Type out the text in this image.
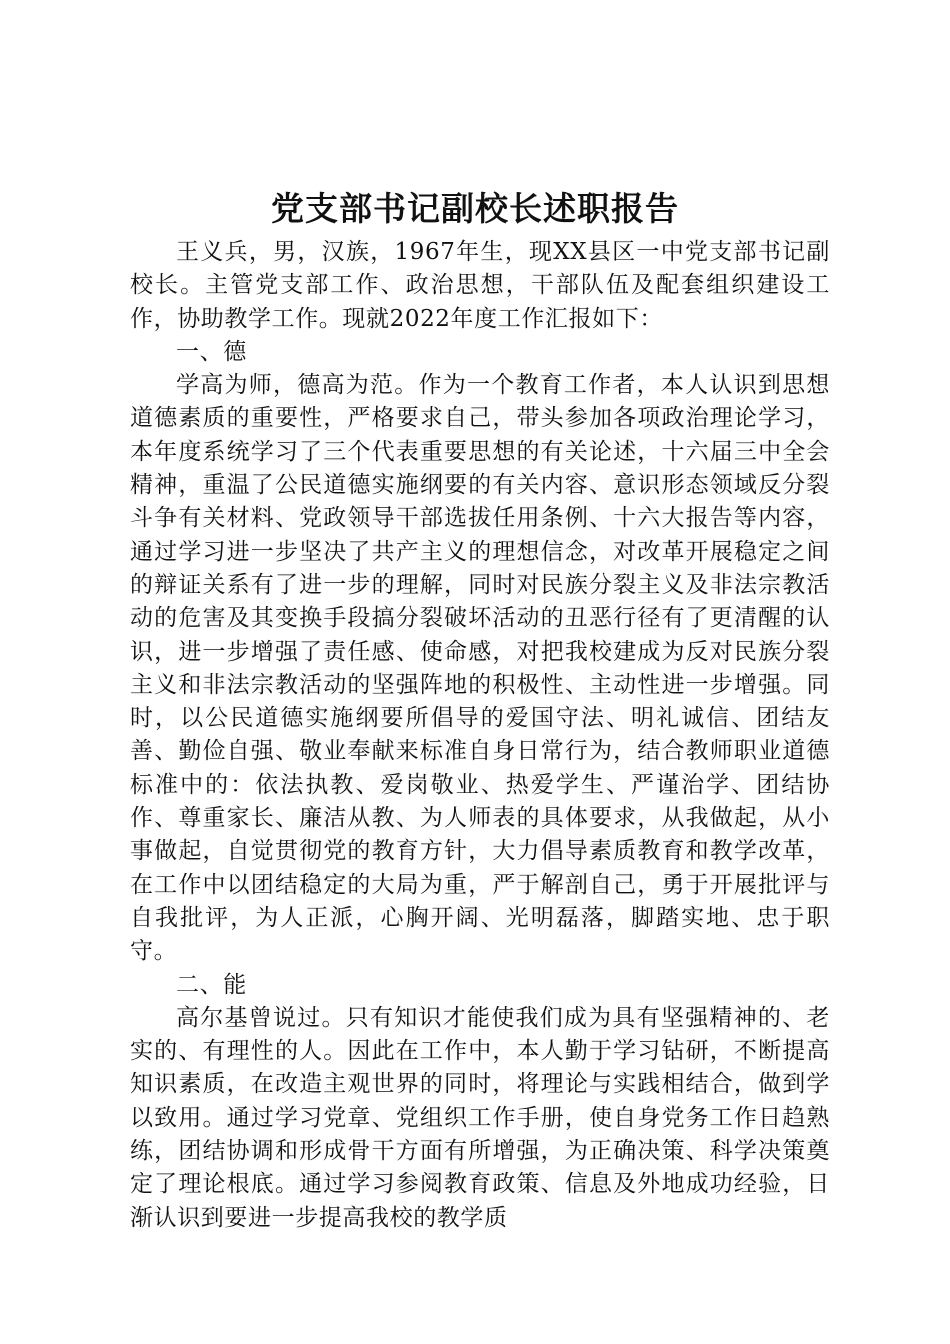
党支部书记副校长述职报告

王义兵，男，汉族，1967年生，现XX县区一中党支部书记副校长。主管党支部工作、政治思想，干部队伍及配套组织建设工作，协助教学工作。现就2022年度工作汇报如下：

一、德

学高为师，德高为范。作为一个教育工作者，本人认识到思想道德素质的重要性，严格要求自己，带头参加各项政治理论学习，本年度系统学习了三个代表重要思想的有关论述，十六届三中全会精神，重温了公民道德实施纲要的有关内容、意识形态领域反分裂斗争有关材料、党政领导干部选拔任用条例、十六大报告等内容，通过学习进一步坚决了共产主义的理想信念，对改革开展稳定之间的辩证关系有了进一步的理解，同时对民族分裂主义及非法宗教活动的危害及其变换手段搞分裂破坏活动的丑恶行径有了更清醒的认识，进一步增强了责任感、使命感，对把我校建成为反对民族分裂主义和非法宗教活动的坚强阵地的积极性、主动性进一步增强。同时，以公民道德实施纲要所倡导的爱国守法、明礼诚信、团结友善、勤俭自强、敬业奉献来标准自身日常行为，结合教师职业道德标准中的：依法执教、爱岗敬业、热爱学生、严谨治学、团结协作、尊重家长、廉洁从教、为人师表的具体要求，从我做起，从小事做起，自觉贯彻党的教育方针，大力倡导素质教育和教学改革，在工作中以团结稳定的大局为重，严于解剖自己，勇于开展批评与自我批评，为人正派，心胸开阔、光明磊落，脚踏实地、忠于职守。

二、能

高尔基曾说过。只有知识才能使我们成为具有坚强精神的、老实的、有理性的人。因此在工作中，本人勤于学习钻研，不断提高知识素质，在改造主观世界的同时，将理论与实践相结合，做到学以致用。通过学习党章、党组织工作手册，使自身党务工作日趋熟练，团结协调和形成骨干方面有所增强，为正确决策、科学决策奠定了理论根底。通过学习参阅教育政策、信息及外地成功经验，日渐认识到要进一步提高我校的教学质
